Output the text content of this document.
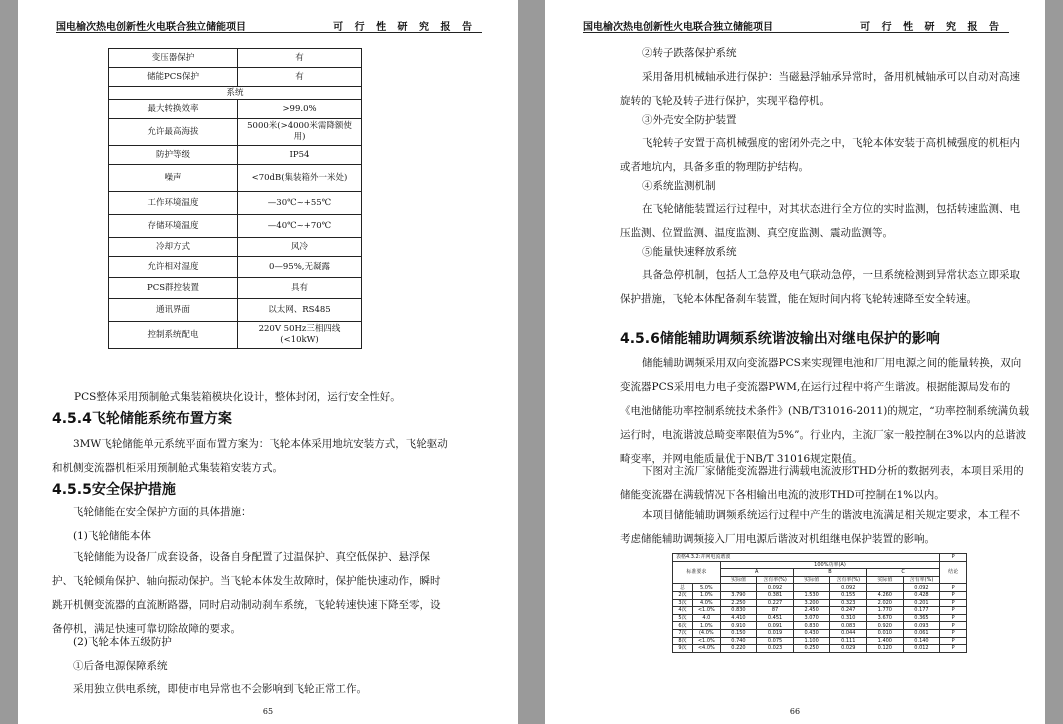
国电榆次热电创新性火电联合独立储能项目	可 行 性 研 究 报 告
变压器保护	有
储能PCS保护	有
系统	
最大转换效率	>99.0%
允许最高海拔	5000米(>4000米需降额使用)
防护等级	IP54
噪声	<70dB(集装箱外一米处)
工作环境温度	—30℃~+55℃
存储环境温度	—40℃~+70℃
冷却方式	风冷
允许相对湿度	0—95%,无凝露
PCS群控装置	具有
通讯界面	以太网、RS485
控制系统配电	220V 50Hz三相四线(<10kW)

PCS整体采用预制舱式集装箱模块化设计，整体封闭，运行安全性好。

4.5.4飞轮储能系统布置方案

3MW飞轮储能单元系统平面布置方案为：飞轮本体采用地坑安装方式，飞轮驱动和机侧变流器机柜采用预制舱式集装箱安装方式。

4.5.5安全保护措施

飞轮储能在安全保护方面的具体措施：

(1)飞轮储能本体

飞轮储能为设备厂成套设备，设备自身配置了过温保护、真空低保护、悬浮保护、飞轮倾角保护、轴向振动保护。当飞轮本体发生故障时，保护能快速动作，瞬时跳开机侧变流器的直流断路器，同时启动制动刹车系统，飞轮转速快速下降至零，设备停机，满足快速可靠切除故障的要求。

(2)飞轮本体五级防护

①后备电源保障系统

采用独立供电系统，即使市电异常也不会影响到飞轮正常工作。

65
国电榆次热电创新性火电联合独立储能项目	可 行 性 研 究 报 告

②转子跌落保护系统

采用备用机械轴承进行保护：当磁悬浮轴承异常时，备用机械轴承可以自动对高速旋转的飞轮及转子进行保护，实现平稳停机。

③外壳安全防护装置

飞轮转子安置于高机械强度的密闭外壳之中，飞轮本体安装于高机械强度的机柜内或者地坑内，具备多重的物理防护结构。

④系统监测机制

在飞轮储能装置运行过程中，对其状态进行全方位的实时监测，包括转速监测、电压监测、位置监测、温度监测、真空度监测、震动监测等。

⑤能量快速释放系统

具备急停机制，包括人工急停及电气联动急停，一旦系统检测到异常状态立即采取保护措施，飞轮本体配备刹车装置，能在短时间内将飞轮转速降至安全转速。

4.5.6储能辅助调频系统谐波输出对继电保护的影响

储能辅助调频采用双向变流器PCS来实现锂电池和厂用电源之间的能量转换，双向变流器PCS采用电力电子变流器PWM,在运行过程中将产生谐波。根据能源局发布的《电池储能功率控制系统技术条件》(NB/T31016-2011)的规定，“功率控制系统满负载运行时，电流谐波总畸变率限值为5%”。行业内，主流厂家一般控制在3%以内的总谐波畸变率，并网电能质量优于NB/T 31016规定限值。

下图对主流厂家储能变流器进行满载电流波形THD分析的数据列表，本项目采用的储能变流器在满载情况下各相输出电流的波形THD可控制在1%以内。

本项目储能辅助调频系统运行过程中产生的谐波电流满足相关规定要求，本工程不考虑储能辅助调频接入厂用电源后谐波对机组继电保护装置的影响。

表格4.3.2:并网电流谐波								P
标准要求		100%功率(A)						结论
		A		B		C		
		实际值	含有率(%)	实际值	含有率(%)	实际值	含有率(%)	
总	5.0%		0.092		0.092		0.092	P
2次	1.0%	3.790	0.381	1.530	0.155	4.260	0.428	P
3次	4.0%	2.250	0.227	3.200	0.323	2.020	0.201	P
4次	<1.0%	0.830	87	2.450	0.247	1.770	0.177	P
5次	4.0	4.410	0.451	3.070	0.310	3.670	0.365	P
6次	1.0%	0.910	0.091	0.830	0.083	0.920	0.093	P
7次	(4.0%	0.150	0.019	0.430	0.044	0.010	0.061	P
8次	<1.0%	0.740	0.075	1.100	0.111	1.400	0.140	P
9次	<4.0%	0.220	0.023	0.250	0.029	0.120	0.012	P
66
